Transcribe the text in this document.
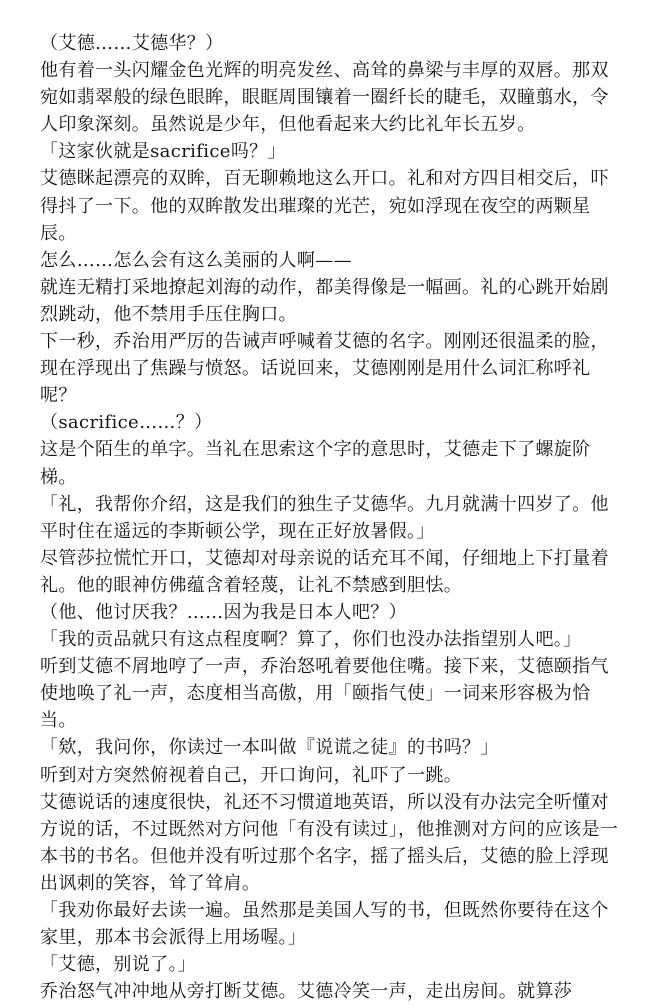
（艾德……艾德华？）

他有着一头闪耀金色光辉的明亮发丝、高耸的鼻梁与丰厚的双唇。那双宛如翡翠般的绿色眼眸，眼眶周围镶着一圈纤长的睫毛，双瞳翦水，令人印象深刻。虽然说是少年，但他看起来大约比礼年长五岁。

「这家伙就是sacrifice吗？」

艾德眯起漂亮的双眸，百无聊赖地这么开口。礼和对方四目相交后，吓得抖了一下。他的双眸散发出璀璨的光芒，宛如浮现在夜空的两颗星辰。

怎么……怎么会有这么美丽的人啊——

就连无精打采地撩起刘海的动作，都美得像是一幅画。礼的心跳开始剧烈跳动，他不禁用手压住胸口。

下一秒，乔治用严厉的告诫声呼喊着艾德的名字。刚刚还很温柔的脸，现在浮现出了焦躁与愤怒。话说回来，艾德刚刚是用什么词汇称呼礼呢？

（sacrifice……？）

这是个陌生的单字。当礼在思索这个字的意思时，艾德走下了螺旋阶梯。

「礼，我帮你介绍，这是我们的独生子艾德华。九月就满十四岁了。他平时住在遥远的李斯顿公学，现在正好放暑假。」

尽管莎拉慌忙开口，艾德却对母亲说的话充耳不闻，仔细地上下打量着礼。他的眼神仿佛蕴含着轻蔑，让礼不禁感到胆怯。

（他、他讨厌我？……因为我是日本人吧？）

「我的贡品就只有这点程度啊？算了，你们也没办法指望别人吧。」

听到艾德不屑地哼了一声，乔治怒吼着要他住嘴。接下来，艾德颐指气使地唤了礼一声，态度相当高傲，用「颐指气使」一词来形容极为恰当。

「欸，我问你，你读过一本叫做『说谎之徒』的书吗？」

听到对方突然俯视着自己，开口询问，礼吓了一跳。

艾德说话的速度很快，礼还不习惯道地英语，所以没有办法完全听懂对方说的话，不过既然对方问他「有没有读过」，他推测对方问的应该是一本书的书名。但他并没有听过那个名字，摇了摇头后，艾德的脸上浮现出讽刺的笑容，耸了耸肩。

「我劝你最好去读一遍。虽然那是美国人写的书，但既然你要待在这个家里，那本书会派得上用场喔。」

「艾德，别说了。」

乔治怒气冲冲地从旁打断艾德。艾德冷笑一声，走出房间。就算莎
